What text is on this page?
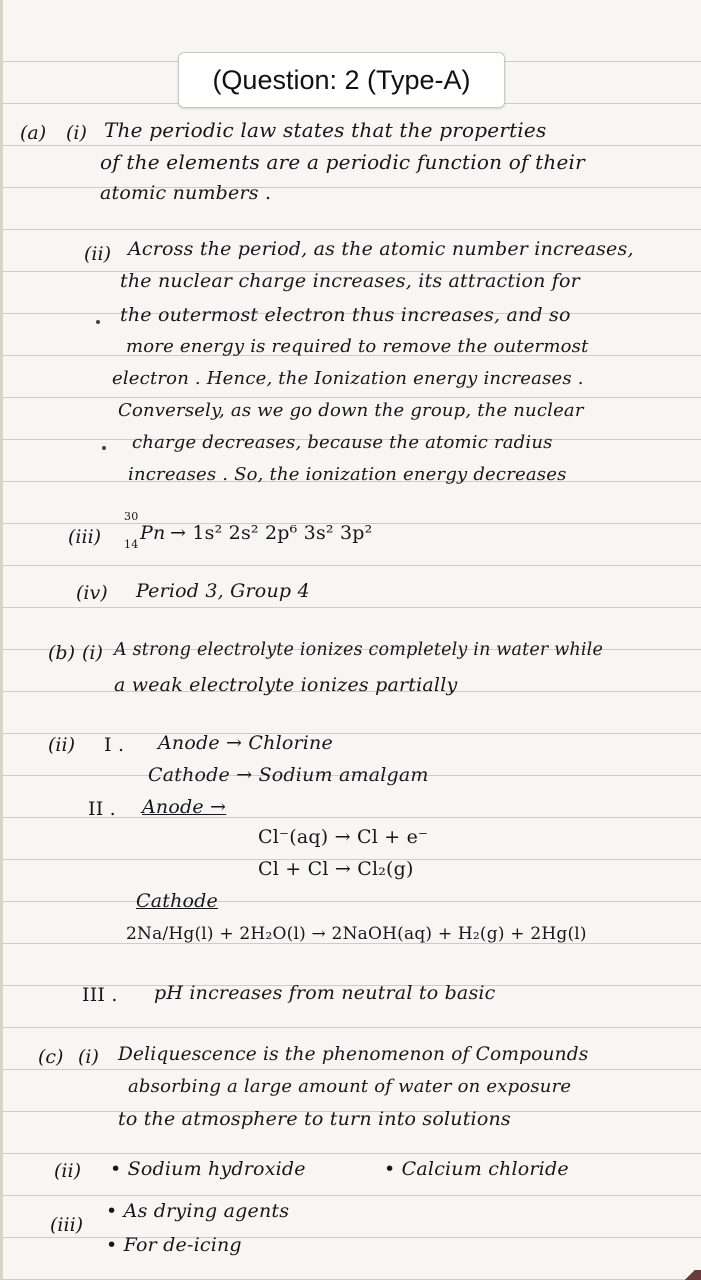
(Question: 2 (Type-A)
(a) (i) The periodic law states that the properties
of the elements are a periodic function of their
atomic numbers .
(ii) Across the period, as the atomic number increases,
the nuclear charge increases, its attraction for
the outermost electron thus increases, and so
more energy is required to remove the outermost
electron . Hence, the Ionization energy increases .
Conversely, as we go down the group, the nuclear
charge decreases, because the atomic radius
increases . So, the ionization energy decreases
(iii)
30
14
Pn → 1s² 2s² 2p⁶ 3s² 3p²
(iv) Period 3, Group 4
(b) (i) A strong electrolyte ionizes completely in water while
a weak electrolyte ionizes partially
(ii) I . Anode → Chlorine
Cathode → Sodium amalgam
II . Anode →
Cl⁻(aq) → Cl + e⁻
Cl + Cl → Cl₂(g)
Cathode
2Na/Hg(l) + 2H₂O(l) → 2NaOH(aq) + H₂(g) + 2Hg(l)
III . pH increases from neutral to basic
(c) (i) Deliquescence is the phenomenon of Compounds
absorbing a large amount of water on exposure
to the atmosphere to turn into solutions
(ii) • Sodium hydroxide	• Calcium chloride
(iii)
• As drying agents
• For de-icing
